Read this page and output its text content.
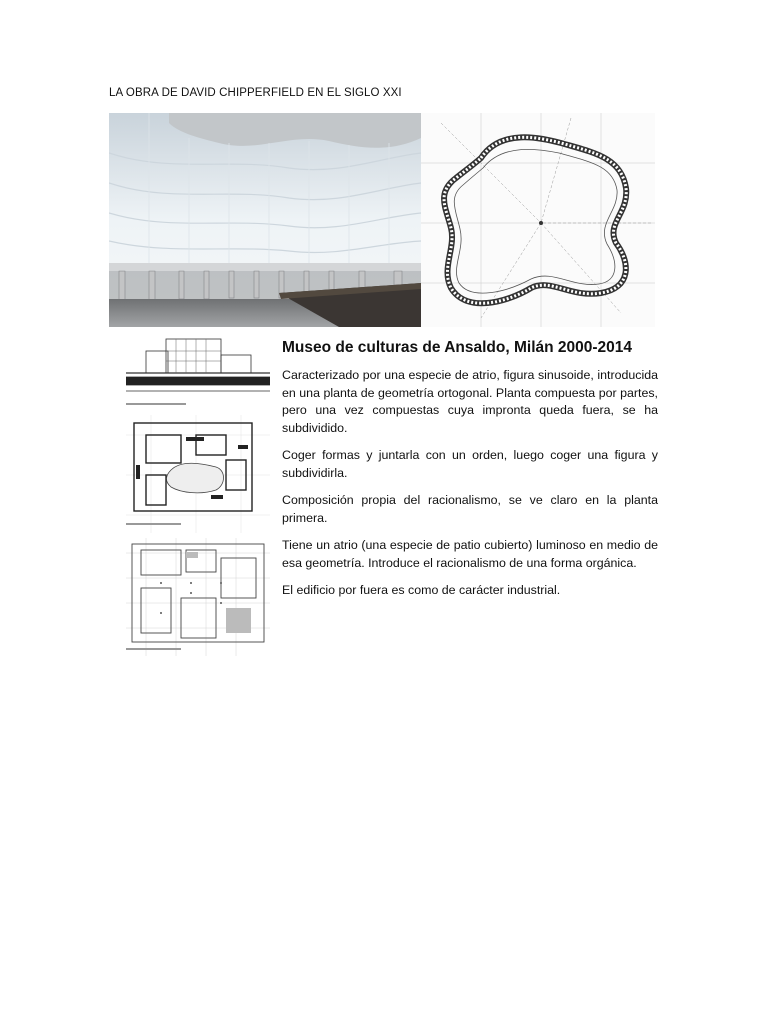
LA OBRA DE DAVID CHIPPERFIELD EN EL SIGLO XXI
Museo de culturas de Ansaldo, Milán 2000-2014

Caracterizado por una especie de atrio, figura sinusoide, introducida en una planta de geometría ortogonal. Planta compuesta por partes, pero una vez compuestas cuya impronta queda fuera, se ha subdividido.

Coger formas y juntarla con un orden, luego coger una figura y subdividirla.

Composición propia del racionalismo, se ve claro en la planta primera.

Tiene un atrio (una especie de patio cubierto) luminoso en medio de esa geometría. Introduce el racionalismo de una forma orgánica.

El edificio por fuera es como de carácter industrial.
